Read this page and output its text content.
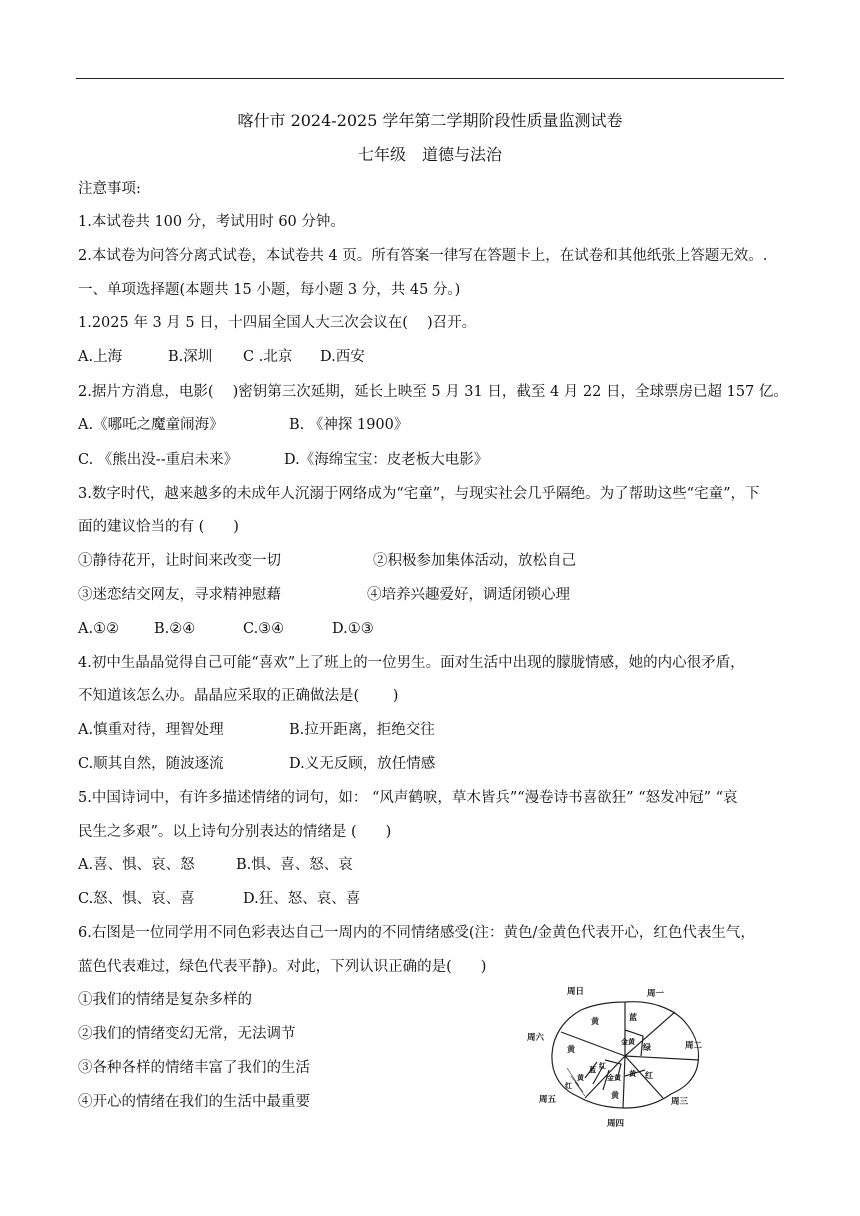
喀什市 2024-2025 学年第二学期阶段性质量监测试卷
七年级　道德与法治
注意事项:
1.本试卷共 100 分，考试用时 60 分钟。
2.本试卷为问答分离式试卷，本试卷共 4 页。所有答案一律写在答题卡上，在试卷和其他纸张上答题无效。.
一、单项选择题(本题共 15 小题，每小题 3 分，共 45 分。)
1.2025 年 3 月 5 日，十四届全国人大三次会议在(　 )召开。
A.上海	B.深圳 C .北京 D.西安
2.据片方消息，电影(　 )密钥第三次延期，延长上映至 5 月 31 日，截至 4 月 22 日，全球票房已超 157 亿。
A.《哪吒之魔童闹海》	B. 《神探 1900》
C. 《熊出没--重启未来》	D.《海绵宝宝：皮老板大电影》
3.数字时代，越来越多的未成年人沉溺于网络成为“宅童”，与现实社会几乎隔绝。为了帮助这些“宅童”，下
面的建议恰当的有 (　　)
①静待花开，让时间来改变一切	②积极参加集体活动，放松自己
③迷恋结交网友，寻求精神慰藉	④培养兴趣爱好，调适闭锁心理
A.①② B.②④	C.③④	D.①③
4.初中生晶晶觉得自己可能“喜欢”上了班上的一位男生。面对生活中出现的朦胧情感，她的内心很矛盾，
不知道该怎么办。晶晶应采取的正确做法是(　　 )
A.慎重对待，理智处理	B.拉开距离，拒绝交往
C.顺其自然，随波逐流	D.义无反顾，放任情感
5.中国诗词中，有许多描述情绪的词句，如： “风声鹤唳，草木皆兵”“漫卷诗书喜欲狂” “怒发冲冠” “哀
民生之多艰”。以上诗句分别表达的情绪是 (　　)
A.喜、惧、哀、怒	B.惧、喜、怒、哀
C.怒、惧、哀、喜	D.狂、怒、哀、喜
6.右图是一位同学用不同色彩表达自己一周内的不同情绪感受(注：黄色/金黄色代表开心，红色代表生气，
蓝色代表难过，绿色代表平静)。对此，下列认识正确的是(　　)
①我们的情绪是复杂多样的
②我们的情绪变幻无常，无法调节
③各种各样的情绪丰富了我们的生活
④开心的情绪在我们的生活中最重要
黄	蓝
金黄
绿
黄
红
黄
金黄
黄
红
蓝
黄
红
周日	周一
周二
周三
周四
周五
周六
